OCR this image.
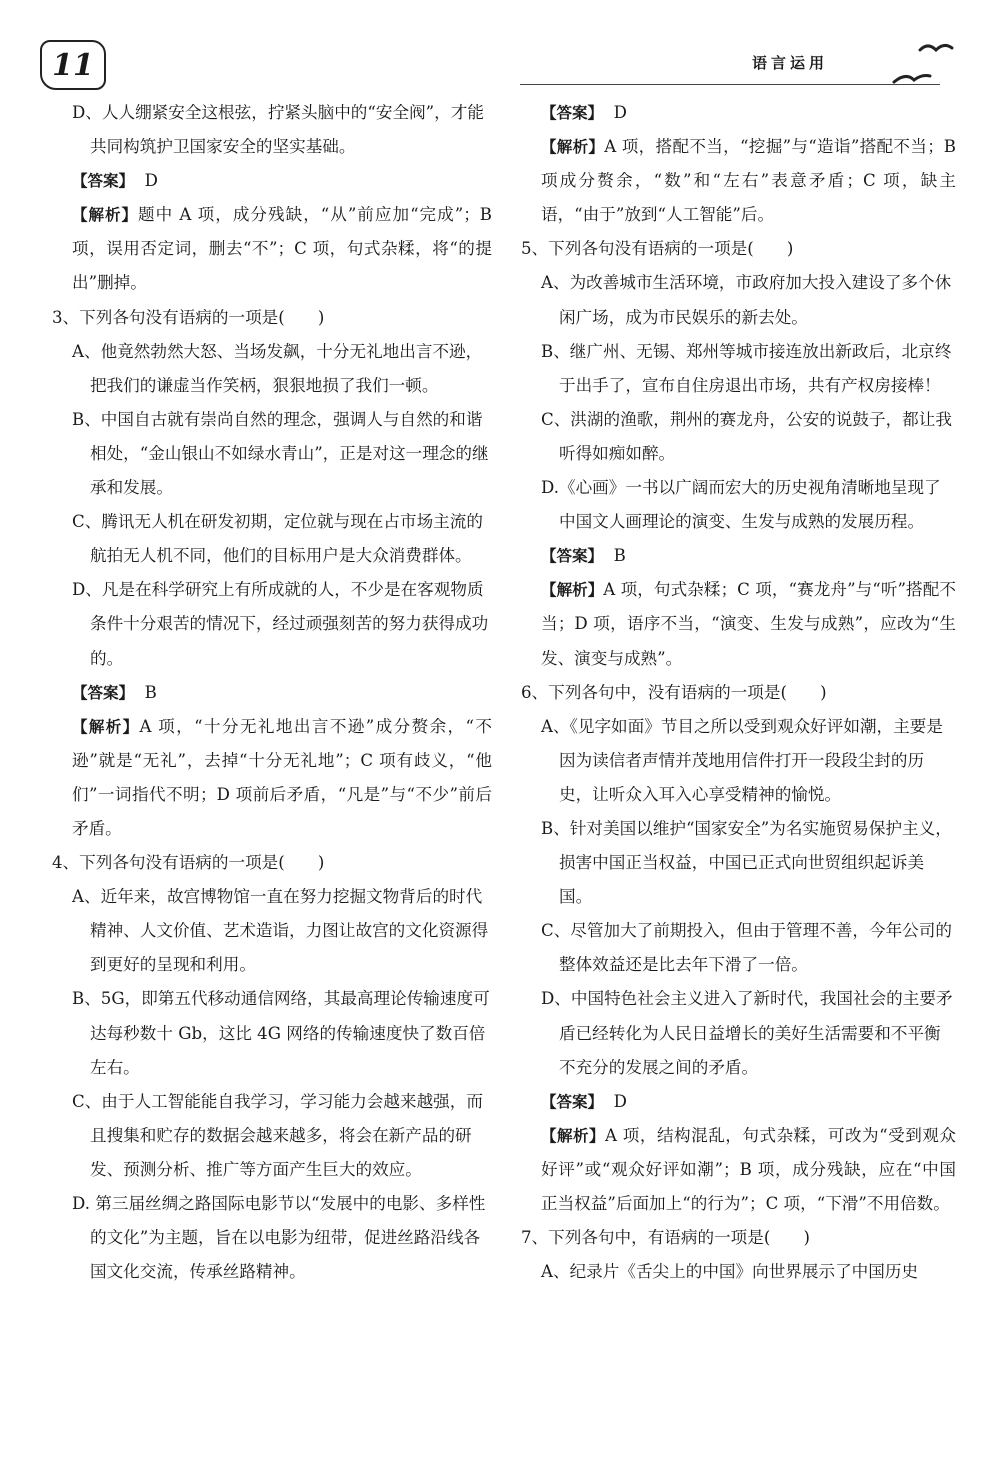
11	语言运用

D、人人绷紧安全这根弦，拧紧头脑中的“安全阀”，才能共同构筑护卫国家安全的坚实基础。

【答案】 D

【解析】题中 A 项，成分残缺，“从”前应加“完成”；B 项，误用否定词，删去“不”；C 项，句式杂糅，将“的提出”删掉。

3、下列各句没有语病的一项是(　　)

A、他竟然勃然大怒、当场发飙，十分无礼地出言不逊，把我们的谦虚当作笑柄，狠狠地损了我们一顿。

B、中国自古就有崇尚自然的理念，强调人与自然的和谐相处，“金山银山不如绿水青山”，正是对这一理念的继承和发展。

C、腾讯无人机在研发初期，定位就与现在占市场主流的航拍无人机不同，他们的目标用户是大众消费群体。

D、凡是在科学研究上有所成就的人，不少是在客观物质条件十分艰苦的情况下，经过顽强刻苦的努力获得成功的。

【答案】 B

【解析】A 项，“十分无礼地出言不逊”成分赘余，“不逊”就是“无礼”，去掉“十分无礼地”；C 项有歧义，“他们”一词指代不明；D 项前后矛盾，“凡是”与“不少”前后矛盾。

4、下列各句没有语病的一项是(　　)

A、近年来，故宫博物馆一直在努力挖掘文物背后的时代精神、人文价值、艺术造诣，力图让故宫的文化资源得到更好的呈现和利用。

B、5G，即第五代移动通信网络，其最高理论传输速度可达每秒数十 Gb，这比 4G 网络的传输速度快了数百倍左右。

C、由于人工智能能自我学习，学习能力会越来越强，而且搜集和贮存的数据会越来越多，将会在新产品的研发、预测分析、推广等方面产生巨大的效应。

D. 第三届丝绸之路国际电影节以“发展中的电影、多样性的文化”为主题，旨在以电影为纽带，促进丝路沿线各国文化交流，传承丝路精神。

【答案】 D

【解析】A 项，搭配不当，“挖掘”与“造诣”搭配不当；B 项成分赘余，“数”和“左右”表意矛盾；C 项，缺主语，“由于”放到“人工智能”后。

5、下列各句没有语病的一项是(　　)

A、为改善城市生活环境，市政府加大投入建设了多个休闲广场，成为市民娱乐的新去处。

B、继广州、无锡、郑州等城市接连放出新政后，北京终于出手了，宣布自住房退出市场，共有产权房接棒！

C、洪湖的渔歌，荆州的赛龙舟，公安的说鼓子，都让我听得如痴如醉。

D.《心画》一书以广阔而宏大的历史视角清晰地呈现了中国文人画理论的演变、生发与成熟的发展历程。

【答案】 B

【解析】A 项，句式杂糅；C 项，“赛龙舟”与“听”搭配不当；D 项，语序不当，“演变、生发与成熟”，应改为“生发、演变与成熟”。

6、下列各句中，没有语病的一项是(　　)

A、《见字如面》节目之所以受到观众好评如潮，主要是因为读信者声情并茂地用信件打开一段段尘封的历史，让听众入耳入心享受精神的愉悦。

B、针对美国以维护“国家安全”为名实施贸易保护主义，损害中国正当权益，中国已正式向世贸组织起诉美国。

C、尽管加大了前期投入，但由于管理不善，今年公司的整体效益还是比去年下滑了一倍。

D、中国特色社会主义进入了新时代，我国社会的主要矛盾已经转化为人民日益增长的美好生活需要和不平衡不充分的发展之间的矛盾。

【答案】 D

【解析】A 项，结构混乱，句式杂糅，可改为“受到观众好评”或“观众好评如潮”；B 项，成分残缺，应在“中国正当权益”后面加上“的行为”；C 项，“下滑”不用倍数。

7、下列各句中，有语病的一项是(　　)

A、纪录片《舌尖上的中国》向世界展示了中国历史
